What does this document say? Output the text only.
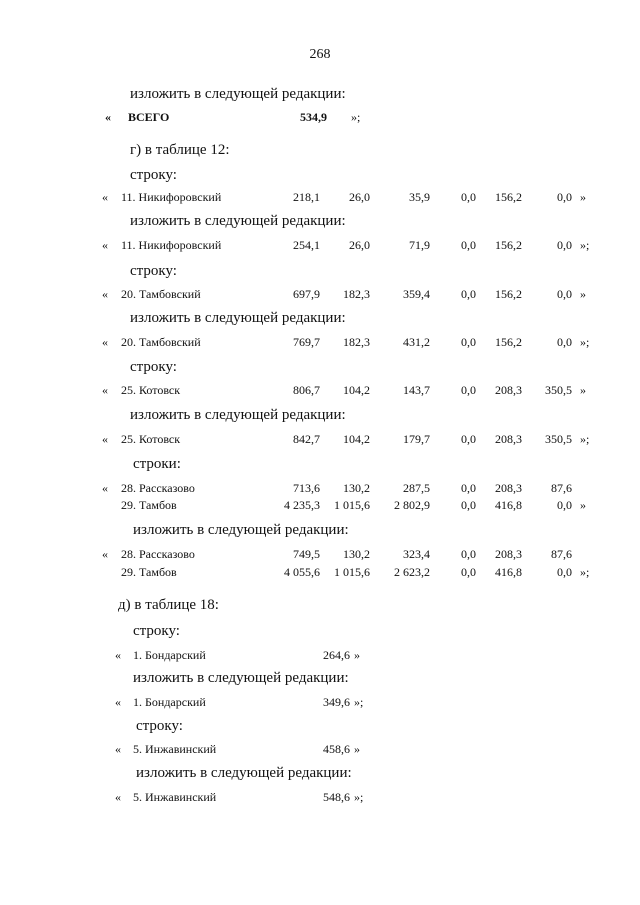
268
изложить в следующей редакции:
« ВСЕГО	534,9 »;
г) в таблице 12:
строку:
« 11. Никифоровский	218,1	26,0	35,9	0,0	156,2	0,0 »
изложить в следующей редакции:
« 11. Никифоровский	254,1	26,0	71,9	0,0	156,2	0,0 »;
строку:
« 20. Тамбовский	697,9	182,3	359,4	0,0	156,2	0,0 »
изложить в следующей редакции:
« 20. Тамбовский	769,7	182,3	431,2	0,0	156,2	0,0 »;
строку:
« 25. Котовск	806,7	104,2	143,7	0,0	208,3	350,5 »
изложить в следующей редакции:
« 25. Котовск	842,7	104,2	179,7	0,0	208,3	350,5 »;
строки:
« 28. Рассказово	713,6	130,2	287,5	0,0	208,3	87,6
29. Тамбов	4 235,3	1 015,6	2 802,9	0,0	416,8	0,0 »
изложить в следующей редакции:
« 28. Рассказово	749,5	130,2	323,4	0,0	208,3	87,6
29. Тамбов	4 055,6	1 015,6	2 623,2	0,0	416,8	0,0 »;
д) в таблице 18:
строку:
« 1. Бондарский	264,6 »
изложить в следующей редакции:
« 1. Бондарский	349,6 »;
строку:
« 5. Инжавинский	458,6 »
изложить в следующей редакции:
« 5. Инжавинский	548,6 »;
